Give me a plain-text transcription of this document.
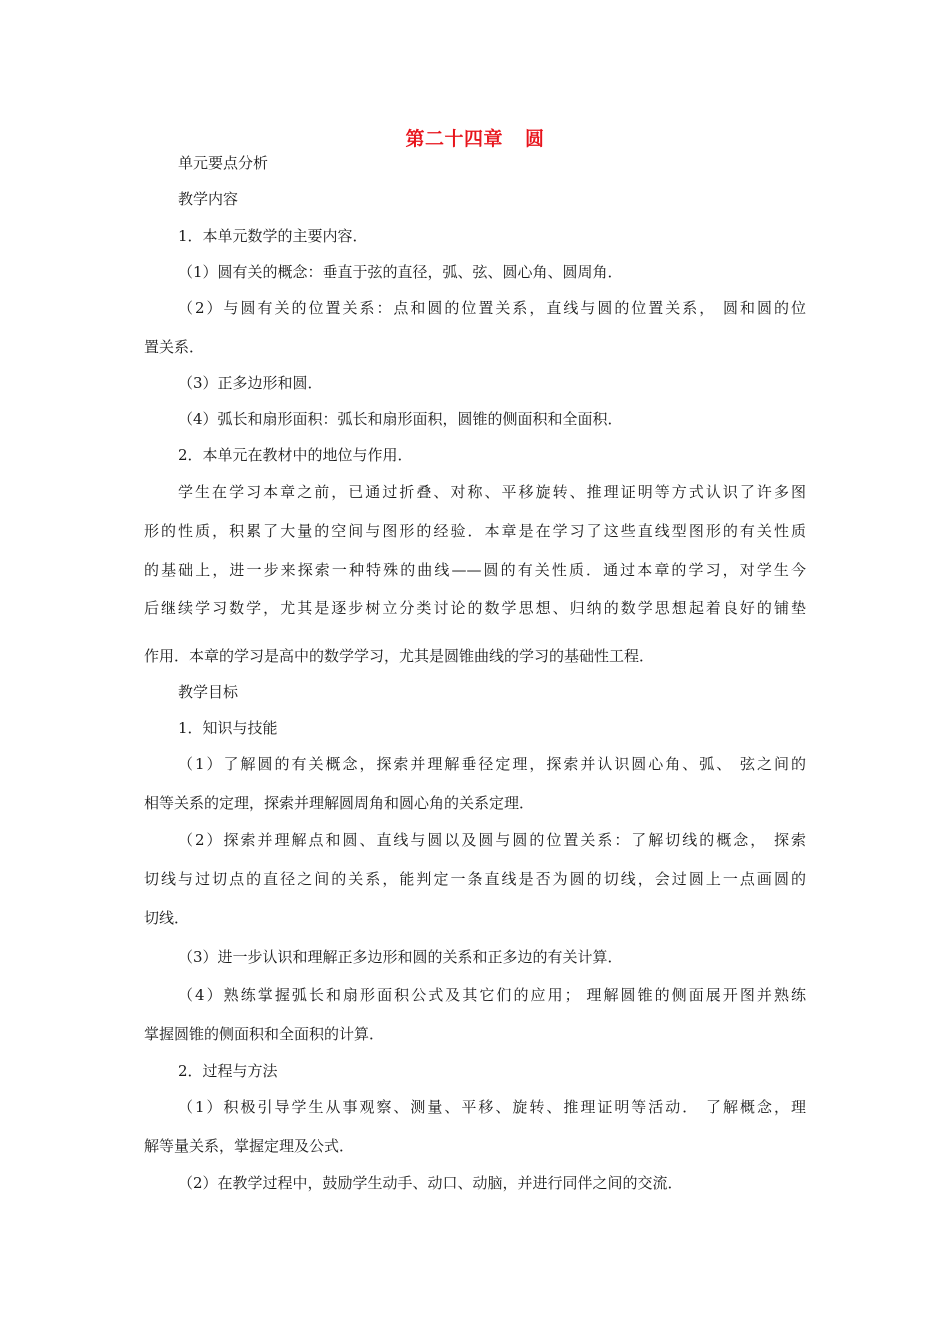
第二十四章 圆
单元要点分析
教学内容
1．本单元数学的主要内容．
（1）圆有关的概念：垂直于弦的直径，弧、弦、圆心角、圆周角．
（2）与圆有关的位置关系：点和圆的位置关系，直线与圆的位置关系， 圆和圆的位
置关系．
（3）正多边形和圆．
（4）弧长和扇形面积：弧长和扇形面积，圆锥的侧面积和全面积．
2．本单元在教材中的地位与作用．
学生在学习本章之前，已通过折叠、对称、平移旋转、推理证明等方式认识了许多图
形的性质，积累了大量的空间与图形的经验．本章是在学习了这些直线型图形的有关性质
的基础上，进一步来探索一种特殊的曲线——圆的有关性质．通过本章的学习，对学生今
后继续学习数学，尤其是逐步树立分类讨论的数学思想、归纳的数学思想起着良好的铺垫
作用．本章的学习是高中的数学学习，尤其是圆锥曲线的学习的基础性工程．
教学目标
1．知识与技能
（1）了解圆的有关概念，探索并理解垂径定理，探索并认识圆心角、弧、 弦之间的
相等关系的定理，探索并理解圆周角和圆心角的关系定理．
（2）探索并理解点和圆、直线与圆以及圆与圆的位置关系：了解切线的概念， 探索
切线与过切点的直径之间的关系，能判定一条直线是否为圆的切线，会过圆上一点画圆的
切线．
（3）进一步认识和理解正多边形和圆的关系和正多边的有关计算．
（4）熟练掌握弧长和扇形面积公式及其它们的应用； 理解圆锥的侧面展开图并熟练
掌握圆锥的侧面积和全面积的计算．
2．过程与方法
（1）积极引导学生从事观察、测量、平移、旋转、推理证明等活动． 了解概念，理
解等量关系，掌握定理及公式．
（2）在教学过程中，鼓励学生动手、动口、动脑，并进行同伴之间的交流．
